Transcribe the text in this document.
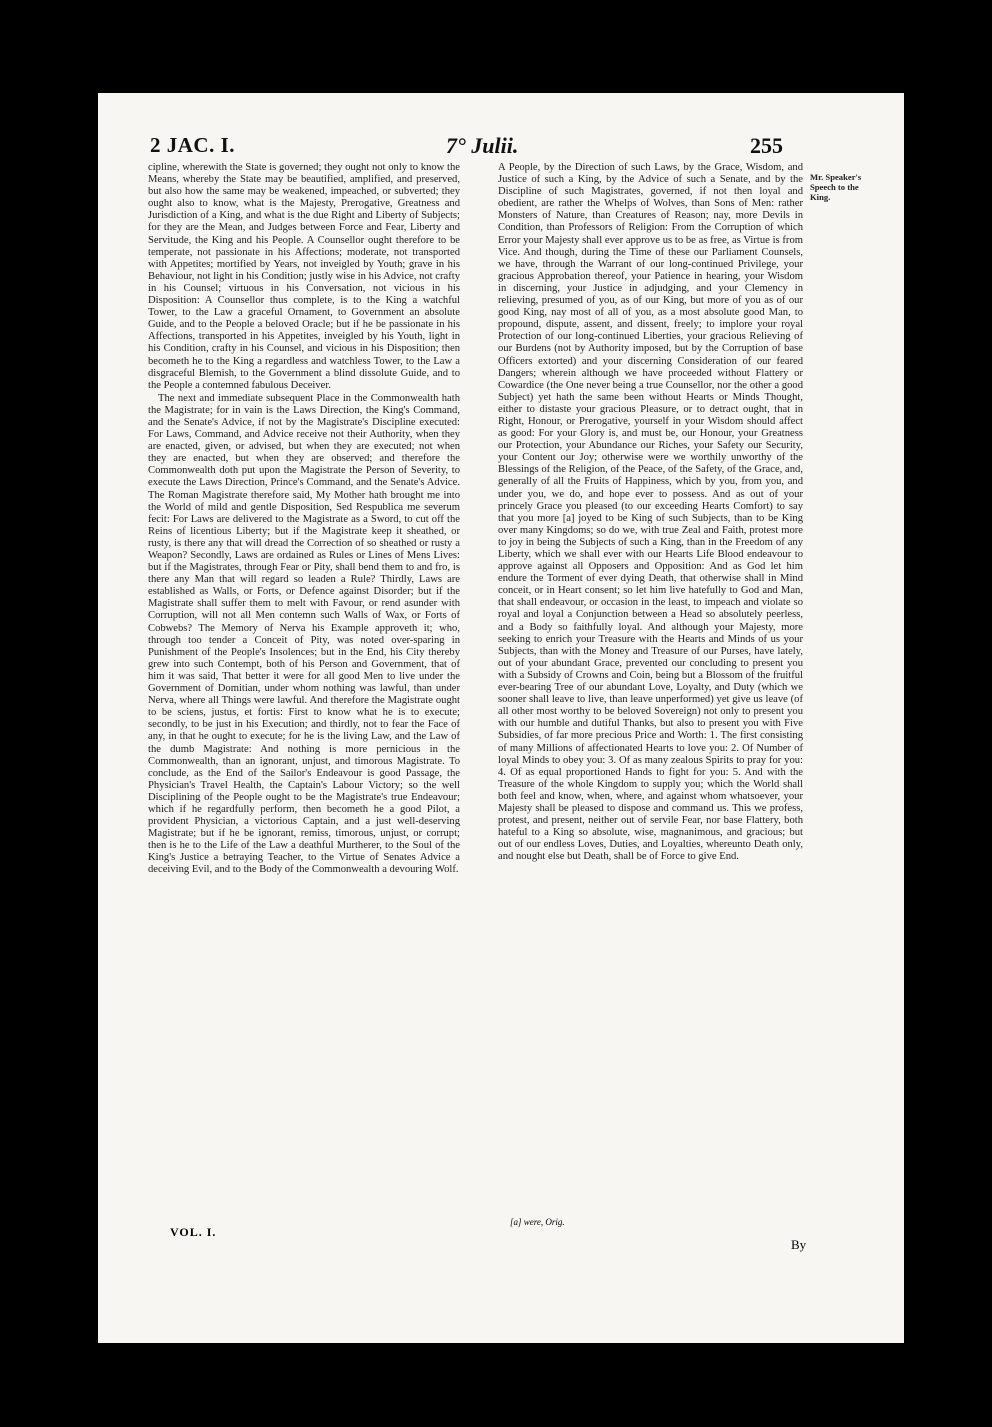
2 JAC. I.	7° Julii.	255

cipline, wherewith the State is governed; they ought not only to know the Means, whereby the State may be beautified, amplified, and preserved, but also how the same may be weakened, impeached, or subverted; they ought also to know, what is the Majesty, Prerogative, Greatness and Jurisdiction of a King, and what is the due Right and Liberty of Subjects; for they are the Mean, and Judges between Force and Fear, Liberty and Servitude, the King and his People. A Counsellor ought therefore to be temperate, not passionate in his Affections; moderate, not transported with Appetites; mortified by Years, not inveigled by Youth; grave in his Behaviour, not light in his Condition; justly wise in his Advice, not crafty in his Counsel; virtuous in his Conversation, not vicious in his Disposition: A Counsellor thus complete, is to the King a watchful Tower, to the Law a graceful Ornament, to Government an absolute Guide, and to the People a beloved Oracle; but if he be passionate in his Affections, transported in his Appetites, inveigled by his Youth, light in his Condition, crafty in his Counsel, and vicious in his Disposition; then becometh he to the King a regardless and watchless Tower, to the Law a disgraceful Blemish, to the Government a blind dissolute Guide, and to the People a contemned fabulous Deceiver.

The next and immediate subsequent Place in the Commonwealth hath the Magistrate; for in vain is the Laws Direction, the King's Command, and the Senate's Advice, if not by the Magistrate's Discipline executed: For Laws, Command, and Advice receive not their Authority, when they are enacted, given, or advised, but when they are executed; not when they are enacted, but when they are observed; and therefore the Commonwealth doth put upon the Magistrate the Person of Severity, to execute the Laws Direction, Prince's Command, and the Senate's Advice. The Roman Magistrate therefore said, My Mother hath brought me into the World of mild and gentle Disposition, Sed Respublica me severum fecit: For Laws are delivered to the Magistrate as a Sword, to cut off the Reins of licentious Liberty; but if the Magistrate keep it sheathed, or rusty, is there any that will dread the Correction of so sheathed or rusty a Weapon? Secondly, Laws are ordained as Rules or Lines of Mens Lives: but if the Magistrates, through Fear or Pity, shall bend them to and fro, is there any Man that will regard so leaden a Rule? Thirdly, Laws are established as Walls, or Forts, or Defence against Disorder; but if the Magistrate shall suffer them to melt with Favour, or rend asunder with Corruption, will not all Men contemn such Walls of Wax, or Forts of Cobwebs? The Memory of Nerva his Example approveth it; who, through too tender a Conceit of Pity, was noted over-sparing in Punishment of the People's Insolences; but in the End, his City thereby grew into such Contempt, both of his Person and Government, that of him it was said, That better it were for all good Men to live under the Government of Domitian, under whom nothing was lawful, than under Nerva, where all Things were lawful. And therefore the Magistrate ought to be sciens, justus, et fortis: First to know what he is to execute; secondly, to be just in his Execution; and thirdly, not to fear the Face of any, in that he ought to execute; for he is the living Law, and the Law of the dumb Magistrate: And nothing is more pernicious in the Commonwealth, than an ignorant, unjust, and timorous Magistrate. To conclude, as the End of the Sailor's Endeavour is good Passage, the Physician's Travel Health, the Captain's Labour Victory; so the well Disciplining of the People ought to be the Magistrate's true Endeavour; which if he regardfully perform, then becometh he a good Pilot, a provident Physician, a victorious Captain, and a just well-deserving Magistrate; but if he be ignorant, remiss, timorous, unjust, or corrupt; then is he to the Life of the Law a deathful Murtherer, to the Soul of the King's Justice a betraying Teacher, to the Virtue of Senates Advice a deceiving Evil, and to the Body of the Commonwealth a devouring Wolf.

A People, by the Direction of such Laws, by the Grace, Wisdom, and Justice of such a King, by the Advice of such a Senate, and by the Discipline of such Magistrates, governed, if not then loyal and obedient, are rather the Whelps of Wolves, than Sons of Men: rather Monsters of Nature, than Creatures of Reason; nay, more Devils in Condition, than Professors of Religion: From the Corruption of which Error your Majesty shall ever approve us to be as free, as Virtue is from Vice. And though, during the Time of these our Parliament Counsels, we have, through the Warrant of our long-continued Privilege, your gracious Approbation thereof, your Patience in hearing, your Wisdom in discerning, your Justice in adjudging, and your Clemency in relieving, presumed of you, as of our King, but more of you as of our good King, nay most of all of you, as a most absolute good Man, to propound, dispute, assent, and dissent, freely; to implore your royal Protection of our long-continued Liberties, your gracious Relieving of our Burdens (not by Authority imposed, but by the Corruption of base Officers extorted) and your discerning Consideration of our feared Dangers; wherein although we have proceeded without Flattery or Cowardice (the One never being a true Counsellor, nor the other a good Subject) yet hath the same been without Hearts or Minds Thought, either to distaste your gracious Pleasure, or to detract ought, that in Right, Honour, or Prerogative, yourself in your Wisdom should affect as good: For your Glory is, and must be, our Honour, your Greatness our Protection, your Abundance our Riches, your Safety our Security, your Content our Joy; otherwise were we worthily unworthy of the Blessings of the Religion, of the Peace, of the Safety, of the Grace, and, generally of all the Fruits of Happiness, which by you, from you, and under you, we do, and hope ever to possess. And as out of your princely Grace you pleased (to our exceeding Hearts Comfort) to say that you more [a] joyed to be King of such Subjects, than to be King over many Kingdoms; so do we, with true Zeal and Faith, protest more to joy in being the Subjects of such a King, than in the Freedom of any Liberty, which we shall ever with our Hearts Life Blood endeavour to approve against all Opposers and Opposition: And as God let him endure the Torment of ever dying Death, that otherwise shall in Mind conceit, or in Heart consent; so let him live hatefully to God and Man, that shall endeavour, or occasion in the least, to impeach and violate so royal and loyal a Conjunction between a Head so absolutely peerless, and a Body so faithfully loyal. And although your Majesty, more seeking to enrich your Treasure with the Hearts and Minds of us your Subjects, than with the Money and Treasure of our Purses, have lately, out of your abundant Grace, prevented our concluding to present you with a Subsidy of Crowns and Coin, being but a Blossom of the fruitful ever-bearing Tree of our abundant Love, Loyalty, and Duty (which we sooner shall leave to live, than leave unperformed) yet give us leave (of all other most worthy to be beloved Sovereign) not only to present you with our humble and dutiful Thanks, but also to present you with Five Subsidies, of far more precious Price and Worth: 1. The first consisting of many Millions of affectionated Hearts to love you: 2. Of Number of loyal Minds to obey you: 3. Of as many zealous Spirits to pray for you: 4. Of as equal proportioned Hands to fight for you: 5. And with the Treasure of the whole Kingdom to supply you; which the World shall both feel and know, when, where, and against whom whatsoever, your Majesty shall be pleased to dispose and command us. This we profess, protest, and present, neither out of servile Fear, nor base Flattery, both hateful to a King so absolute, wise, magnanimous, and gracious; but out of our endless Loves, Duties, and Loyalties, whereunto Death only, and nought else but Death, shall be of Force to give End.

Mr. Speaker's Speech to the King.
VOL. I.
[a] were, Orig.
By
